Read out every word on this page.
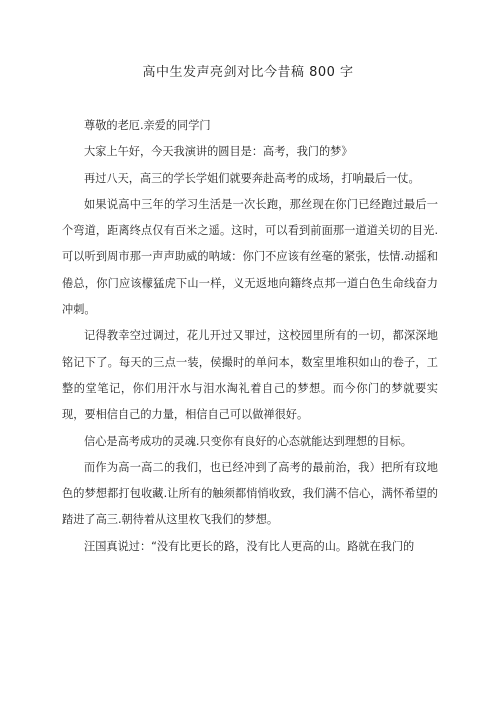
高中生发声亮剑对比今昔稿 800 字

尊敬的老厄.亲爱的同学门

大家上午好，今天我演讲的圆目是：高考，我门的梦》

再过八天，高三的学长学姐们就要奔赴高考的成场，打响最后一仗。

如果说高中三年的学习生活是一次长跑，那丝现在你门已经跑过最后一个弯道，距离终点仅有百米之遥。这时，可以看到前面那一道道关切的目光.可以听到周市那一声声助威的呐域：你门不应该有丝毫的紧张，怯情.动摇和倦总，你门应该檬猛虎下山一样，义无返地向籍终点邦一道白色生命线奋力冲刺。

记得教幸空过调过，花儿开过又罪过，这校园里所有的一切，都深深地铭记下了。每天的三点一装，侯撮时的单问本，数室里堆积如山的卷子，工整的堂笔记，你们用汗水与泪水淘礼着自己的梦想。而今你门的梦就要实现，要相信自己的力量，相信自己可以做禅很好。

信心是高考成功的灵魂.只变你有良好的心态就能达到理想的目标。

而作为高一高二的我们，也已经冲到了高考的最前治，我）把所有玟地色的梦想都打包收藏.让所有的触须都悄悄收致，我们满不信心，满怀希望的踏进了高三.朝待着从这里枚飞我们的梦想。

汪国真说过：“没有比更长的路，没有比人更高的山。路就在我门的
